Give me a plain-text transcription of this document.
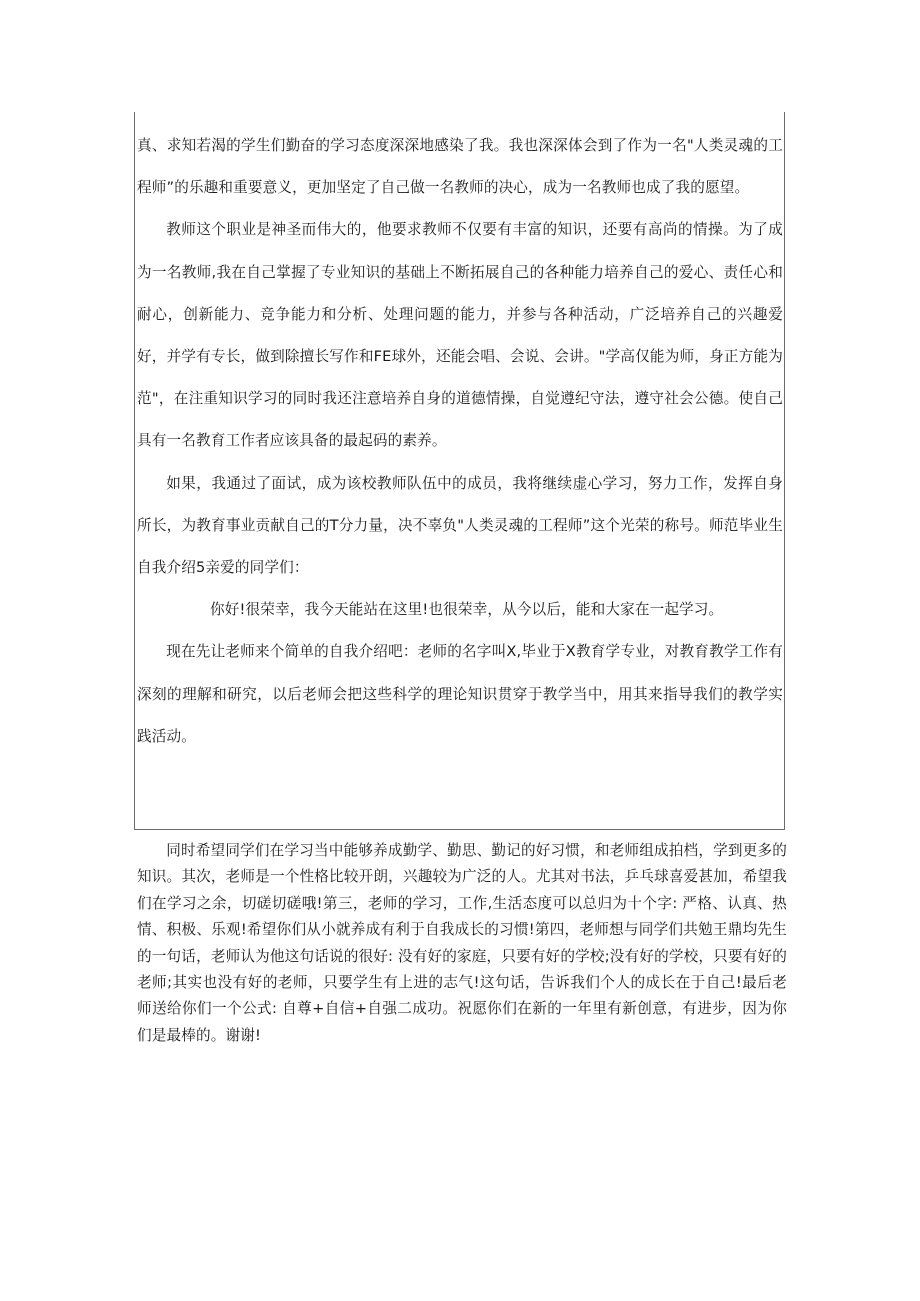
真、求知若渴的学生们勤奋的学习态度深深地感染了我。我也深深体会到了作为一名"人类灵魂的工程师”的乐趣和重要意义，更加坚定了自己做一名教师的决心，成为一名教师也成了我的愿望。

教师这个职业是神圣而伟大的，他要求教师不仅要有丰富的知识，还要有高尚的情操。为了成为一名教师,我在自己掌握了专业知识的基础上不断拓展自己的各种能力培养自己的爱心、责任心和耐心，创新能力、竞争能力和分析、处理问题的能力，并参与各种活动，广泛培养自己的兴趣爱好，并学有专长，做到除擅长写作和FE球外，还能会唱、会说、会讲。"学高仅能为师，身正方能为范"，在注重知识学习的同时我还注意培养自身的道德情操，自觉遵纪守法，遵守社会公德。使自己具有一名教育工作者应该具备的最起码的素养。

如果，我通过了面试，成为该校教师队伍中的成员，我将继续虚心学习，努力工作，发挥自身所长，为教育事业贡献自己的T分力量，决不辜负"人类灵魂的工程师”这个光荣的称号。师范毕业生自我介绍5亲爱的同学们：

你好!很荣幸，我今天能站在这里!也很荣幸，从今以后，能和大家在一起学习。

现在先让老师来个简单的自我介绍吧：老师的名字叫X,毕业于X教育学专业，对教育教学工作有深刻的理解和研究，以后老师会把这些科学的理论知识贯穿于教学当中，用其来指导我们的教学实践活动。

同时希望同学们在学习当中能够养成勤学、勤思、勤记的好习惯，和老师组成拍档，学到更多的知识。其次，老师是一个性格比较开朗，兴趣较为广泛的人。尤其对书法，乒乓球喜爱甚加，希望我们在学习之余，切磋切磋哦!第三，老师的学习，工作,生活态度可以总归为十个字: 严格、认真、热情、积极、乐观!希望你们从小就养成有利于自我成长的习惯!第四，老师想与同学们共勉王鼎均先生的一句话，老师认为他这句话说的很好: 没有好的家庭，只要有好的学校;没有好的学校，只要有好的老师;其实也没有好的老师，只要学生有上进的志气!这句话，告诉我们个人的成长在于自己!最后老师送给你们一个公式: 自尊+自信+自强二成功。祝愿你们在新的一年里有新创意，有进步，因为你们是最棒的。谢谢!
